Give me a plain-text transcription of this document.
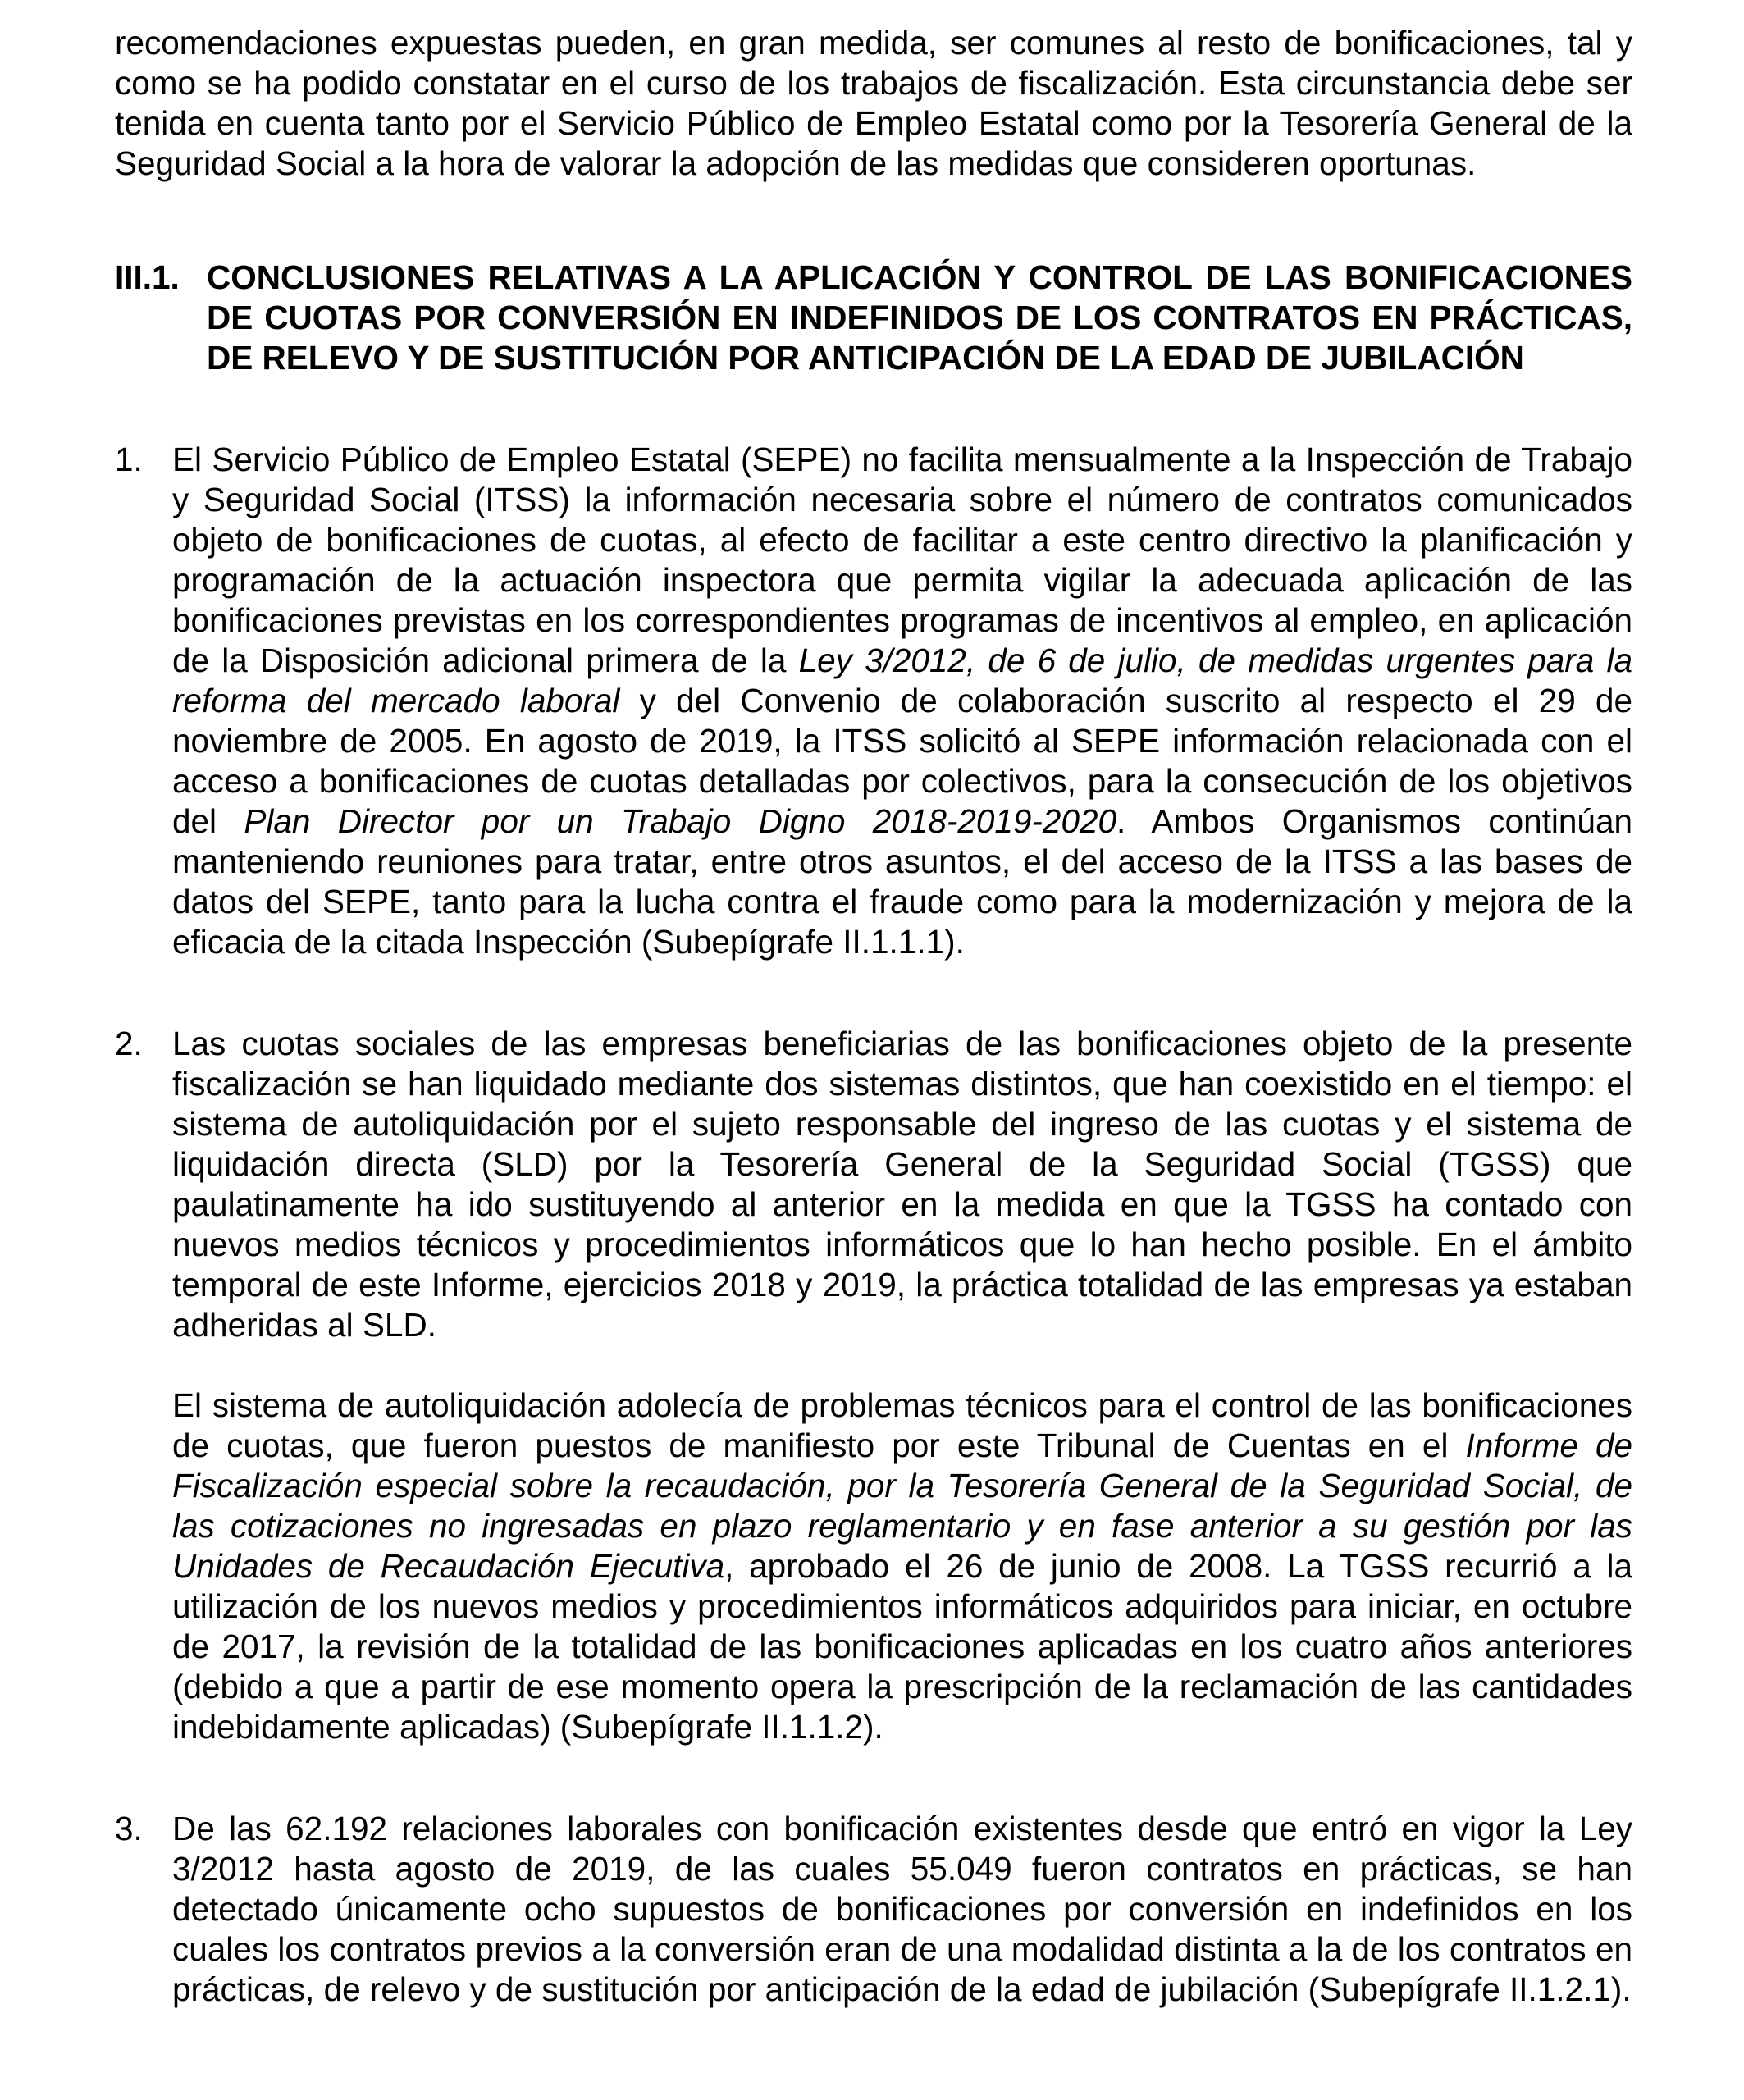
recomendaciones expuestas pueden, en gran medida, ser comunes al resto de bonificaciones, tal y como se ha podido constatar en el curso de los trabajos de fiscalización. Esta circunstancia debe ser tenida en cuenta tanto por el Servicio Público de Empleo Estatal como por la Tesorería General de la Seguridad Social a la hora de valorar la adopción de las medidas que consideren oportunas.

III.1. CONCLUSIONES RELATIVAS A LA APLICACIÓN Y CONTROL DE LAS BONIFICACIONES DE CUOTAS POR CONVERSIÓN EN INDEFINIDOS DE LOS CONTRATOS EN PRÁCTICAS, DE RELEVO Y DE SUSTITUCIÓN POR ANTICIPACIÓN DE LA EDAD DE JUBILACIÓN
1. El Servicio Público de Empleo Estatal (SEPE) no facilita mensualmente a la Inspección de Trabajo y Seguridad Social (ITSS) la información necesaria sobre el número de contratos comunicados objeto de bonificaciones de cuotas, al efecto de facilitar a este centro directivo la planificación y programación de la actuación inspectora que permita vigilar la adecuada aplicación de las bonificaciones previstas en los correspondientes programas de incentivos al empleo, en aplicación de la Disposición adicional primera de la Ley 3/2012, de 6 de julio, de medidas urgentes para la reforma del mercado laboral y del Convenio de colaboración suscrito al respecto el 29 de noviembre de 2005. En agosto de 2019, la ITSS solicitó al SEPE información relacionada con el acceso a bonificaciones de cuotas detalladas por colectivos, para la consecución de los objetivos del Plan Director por un Trabajo Digno 2018-2019-2020. Ambos Organismos continúan manteniendo reuniones para tratar, entre otros asuntos, el del acceso de la ITSS a las bases de datos del SEPE, tanto para la lucha contra el fraude como para la modernización y mejora de la eficacia de la citada Inspección (Subepígrafe II.1.1.1).

2. Las cuotas sociales de las empresas beneficiarias de las bonificaciones objeto de la presente fiscalización se han liquidado mediante dos sistemas distintos, que han coexistido en el tiempo: el sistema de autoliquidación por el sujeto responsable del ingreso de las cuotas y el sistema de liquidación directa (SLD) por la Tesorería General de la Seguridad Social (TGSS) que paulatinamente ha ido sustituyendo al anterior en la medida en que la TGSS ha contado con nuevos medios técnicos y procedimientos informáticos que lo han hecho posible. En el ámbito temporal de este Informe, ejercicios 2018 y 2019, la práctica totalidad de las empresas ya estaban adheridas al SLD.

El sistema de autoliquidación adolecía de problemas técnicos para el control de las bonificaciones de cuotas, que fueron puestos de manifiesto por este Tribunal de Cuentas en el Informe de Fiscalización especial sobre la recaudación, por la Tesorería General de la Seguridad Social, de las cotizaciones no ingresadas en plazo reglamentario y en fase anterior a su gestión por las Unidades de Recaudación Ejecutiva, aprobado el 26 de junio de 2008. La TGSS recurrió a la utilización de los nuevos medios y procedimientos informáticos adquiridos para iniciar, en octubre de 2017, la revisión de la totalidad de las bonificaciones aplicadas en los cuatro años anteriores (debido a que a partir de ese momento opera la prescripción de la reclamación de las cantidades indebidamente aplicadas) (Subepígrafe II.1.1.2).

3. De las 62.192 relaciones laborales con bonificación existentes desde que entró en vigor la Ley 3/2012 hasta agosto de 2019, de las cuales 55.049 fueron contratos en prácticas, se han detectado únicamente ocho supuestos de bonificaciones por conversión en indefinidos en los cuales los contratos previos a la conversión eran de una modalidad distinta a la de los contratos en prácticas, de relevo y de sustitución por anticipación de la edad de jubilación (Subepígrafe II.1.2.1).
